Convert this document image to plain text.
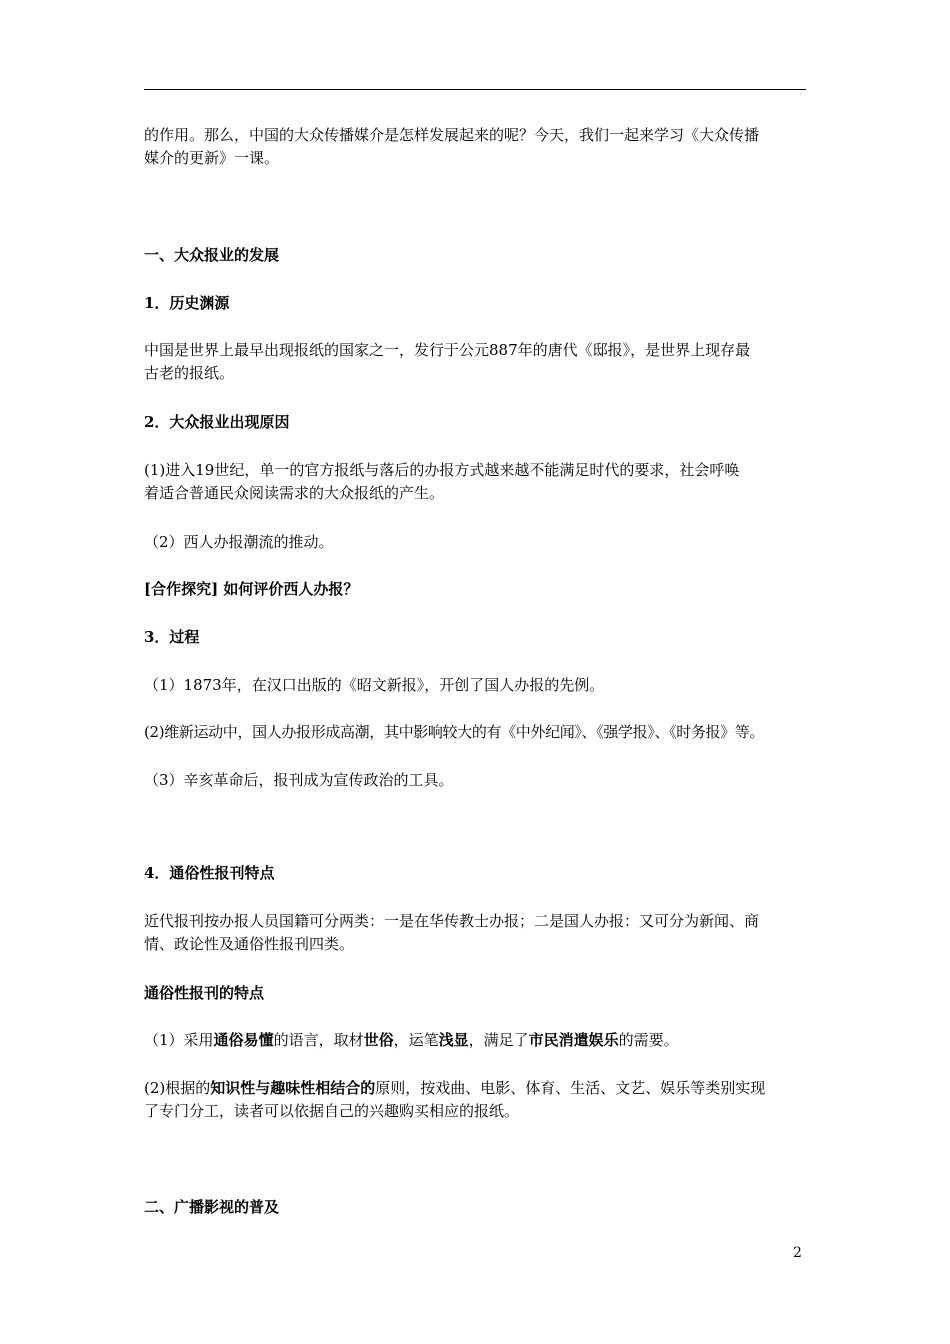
的作用。那么，中国的大众传播媒介是怎样发展起来的呢？今天，我们一起来学习《大众传播
媒介的更新》一课。
一、大众报业的发展
1．历史渊源
中国是世界上最早出现报纸的国家之一，发行于公元887年的唐代《邸报》，是世界上现存最
古老的报纸。
2．大众报业出现原因
(1)进入19世纪，单一的官方报纸与落后的办报方式越来越不能满足时代的要求，社会呼唤
着适合普通民众阅读需求的大众报纸的产生。
（2）西人办报潮流的推动。
[合作探究] 如何评价西人办报？
3．过程
（1）1873年，在汉口出版的《昭文新报》，开创了国人办报的先例。
(2)维新运动中，国人办报形成高潮，其中影响较大的有《中外纪闻》、《强学报》、《时务报》等。
（3）辛亥革命后，报刊成为宣传政治的工具。
4．通俗性报刊特点
近代报刊按办报人员国籍可分两类：一是在华传教士办报；二是国人办报：又可分为新闻、商
情、政论性及通俗性报刊四类。
通俗性报刊的特点
（1）采用通俗易懂的语言，取材世俗，运笔浅显，满足了市民消遣娱乐的需要。
(2)根据的知识性与趣味性相结合的原则，按戏曲、电影、体育、生活、文艺、娱乐等类别实现
了专门分工，读者可以依据自己的兴趣购买相应的报纸。
二、广播影视的普及
2
